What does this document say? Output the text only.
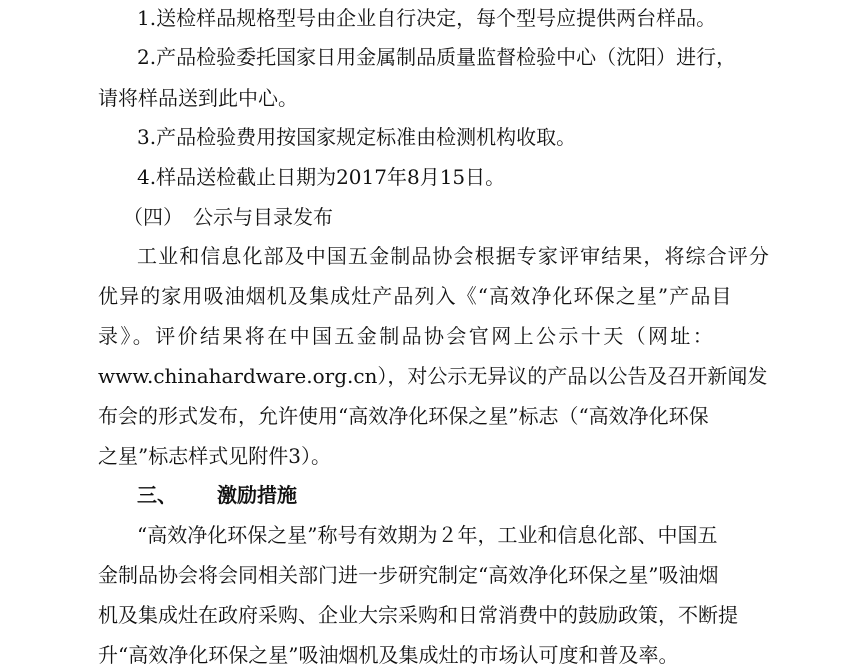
1.送检样品规格型号由企业自行决定，每个型号应提供两台样品。
2.产品检验委托国家日用金属制品质量监督检验中心（沈阳）进行，
请将样品送到此中心。
3.产品检验费用按国家规定标准由检测机构收取。
4.样品送检截止日期为2017年8月15日。
（四）　公示与目录发布
工业和信息化部及中国五金制品协会根据专家评审结果，将综合评分
优异的家用吸油烟机及集成灶产品列入《“高效净化环保之星”产品目
录》。评价结果将在中国五金制品协会官网上公示十天（网址：
www.chinahardware.org.cn），对公示无异议的产品以公告及召开新闻发
布会的形式发布，允许使用“高效净化环保之星”标志（“高效净化环保
之星”标志样式见附件3）。
三、 激励措施
“高效净化环保之星”称号有效期为２年，工业和信息化部、中国五
金制品协会将会同相关部门进一步研究制定“高效净化环保之星”吸油烟
机及集成灶在政府采购、企业大宗采购和日常消费中的鼓励政策，不断提
升“高效净化环保之星”吸油烟机及集成灶的市场认可度和普及率。
